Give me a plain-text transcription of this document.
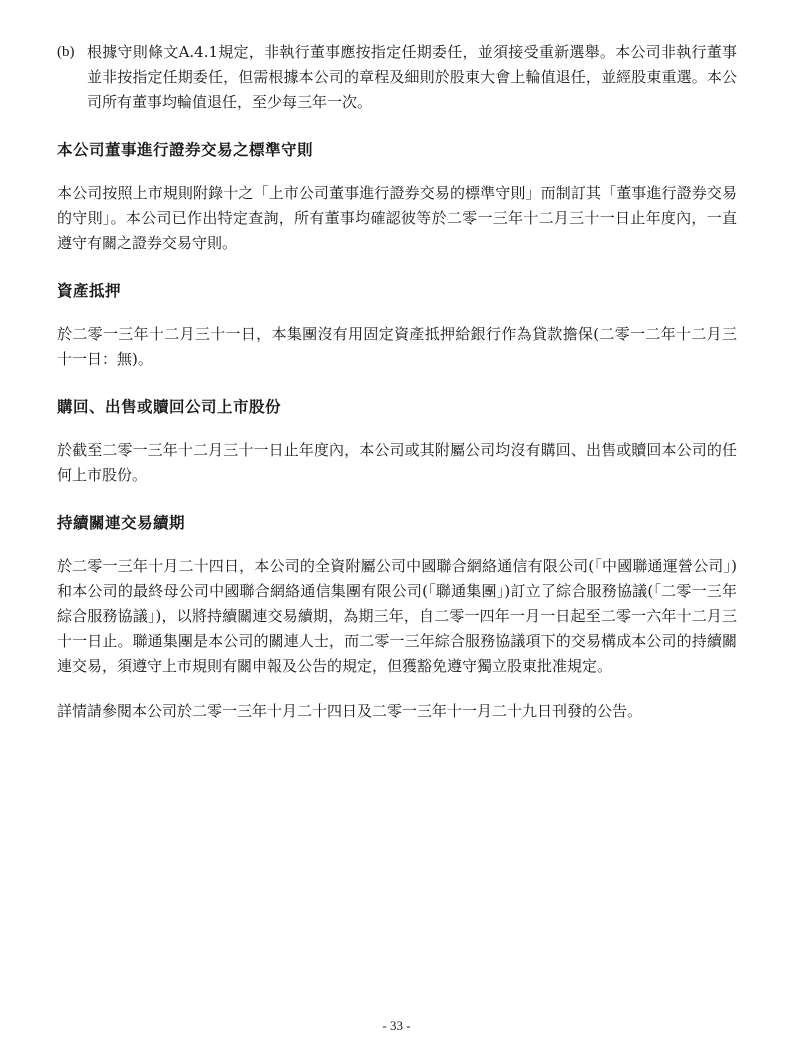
(b) 根據守則條文A.4.1規定，非執行董事應按指定任期委任，並須接受重新選舉。本公司非執行董事並非按指定任期委任，但需根據本公司的章程及細則於股東大會上輪值退任，並經股東重選。本公司所有董事均輪值退任，至少每三年一次。
本公司董事進行證券交易之標準守則

本公司按照上市規則附錄十之「上市公司董事進行證券交易的標準守則」而制訂其「董事進行證券交易的守則」。本公司已作出特定查詢，所有董事均確認彼等於二零一三年十二月三十一日止年度內，一直遵守有關之證券交易守則。

資產抵押

於二零一三年十二月三十一日，本集團沒有用固定資產抵押給銀行作為貸款擔保(二零一二年十二月三十一日：無)。

購回、出售或贖回公司上市股份

於截至二零一三年十二月三十一日止年度內，本公司或其附屬公司均沒有購回、出售或贖回本公司的任何上市股份。

持續關連交易續期

於二零一三年十月二十四日，本公司的全資附屬公司中國聯合網絡通信有限公司(「中國聯通運營公司」)和本公司的最終母公司中國聯合網絡通信集團有限公司(「聯通集團」)訂立了綜合服務協議(「二零一三年綜合服務協議」)，以將持續關連交易續期，為期三年，自二零一四年一月一日起至二零一六年十二月三十一日止。聯通集團是本公司的關連人士，而二零一三年綜合服務協議項下的交易構成本公司的持續關連交易，須遵守上市規則有關申報及公告的規定，但獲豁免遵守獨立股東批准規定。

詳情請參閱本公司於二零一三年十月二十四日及二零一三年十一月二十九日刊發的公告。

- 33 -
